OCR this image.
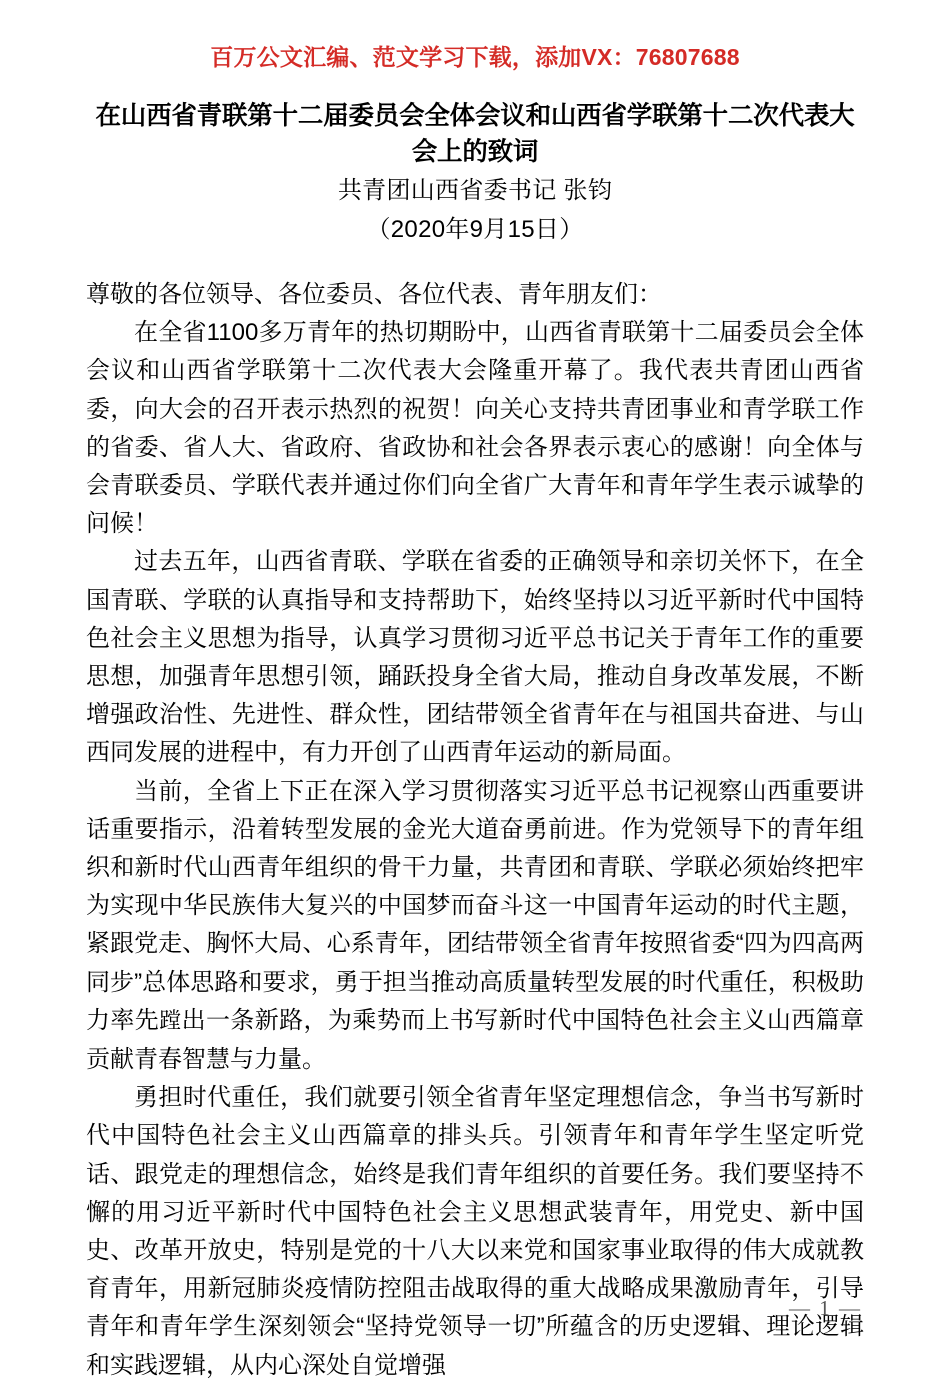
百万公文汇编、范文学习下载，添加VX：76807688
在山西省青联第十二届委员会全体会议和山西省学联第十二次代表大会上的致词
共青团山西省委书记 张钧
（2020年9月15日）

尊敬的各位领导、各位委员、各位代表、青年朋友们：

在全省1100多万青年的热切期盼中，山西省青联第十二届委员会全体会议和山西省学联第十二次代表大会隆重开幕了。我代表共青团山西省委，向大会的召开表示热烈的祝贺！向关心支持共青团事业和青学联工作的省委、省人大、省政府、省政协和社会各界表示衷心的感谢！向全体与会青联委员、学联代表并通过你们向全省广大青年和青年学生表示诚挚的问候！

过去五年，山西省青联、学联在省委的正确领导和亲切关怀下，在全国青联、学联的认真指导和支持帮助下，始终坚持以习近平新时代中国特色社会主义思想为指导，认真学习贯彻习近平总书记关于青年工作的重要思想，加强青年思想引领，踊跃投身全省大局，推动自身改革发展，不断增强政治性、先进性、群众性，团结带领全省青年在与祖国共奋进、与山西同发展的进程中，有力开创了山西青年运动的新局面。

当前，全省上下正在深入学习贯彻落实习近平总书记视察山西重要讲话重要指示，沿着转型发展的金光大道奋勇前进。作为党领导下的青年组织和新时代山西青年组织的骨干力量，共青团和青联、学联必须始终把牢为实现中华民族伟大复兴的中国梦而奋斗这一中国青年运动的时代主题，紧跟党走、胸怀大局、心系青年，团结带领全省青年按照省委“四为四高两同步”总体思路和要求，勇于担当推动高质量转型发展的时代重任，积极助力率先蹚出一条新路，为乘势而上书写新时代中国特色社会主义山西篇章贡献青春智慧与力量。

勇担时代重任，我们就要引领全省青年坚定理想信念，争当书写新时代中国特色社会主义山西篇章的排头兵。引领青年和青年学生坚定听党话、跟党走的理想信念，始终是我们青年组织的首要任务。我们要坚持不懈的用习近平新时代中国特色社会主义思想武装青年，用党史、新中国史、改革开放史，特别是党的十八大以来党和国家事业取得的伟大成就教育青年，用新冠肺炎疫情防控阻击战取得的重大战略成果激励青年，引导青年和青年学生深刻领会“坚持党领导一切”所蕴含的历史逻辑、理论逻辑和实践逻辑，从内心深处自觉增强

— 1 —
